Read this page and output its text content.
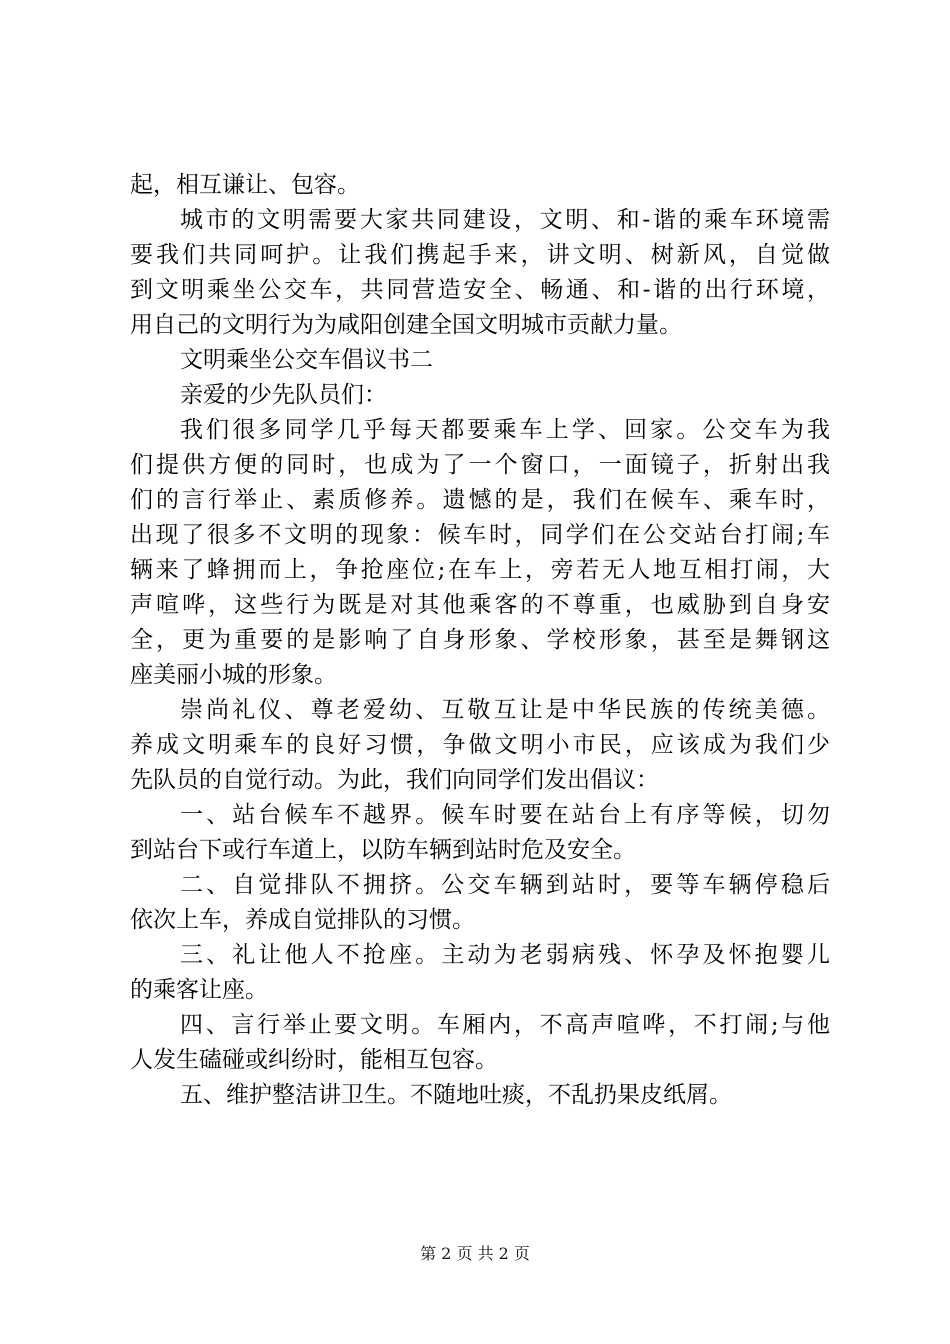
起，相互谦让、包容。
城市的文明需要大家共同建设，文明、和-谐的乘车环境需
要我们共同呵护。让我们携起手来，讲文明、树新风，自觉做
到文明乘坐公交车，共同营造安全、畅通、和-谐的出行环境，
用自己的文明行为为咸阳创建全国文明城市贡献力量。
文明乘坐公交车倡议书二
亲爱的少先队员们：
我们很多同学几乎每天都要乘车上学、回家。公交车为我
们提供方便的同时，也成为了一个窗口，一面镜子，折射出我
们的言行举止、素质修养。遗憾的是，我们在候车、乘车时，
出现了很多不文明的现象：候车时，同学们在公交站台打闹;车
辆来了蜂拥而上，争抢座位;在车上，旁若无人地互相打闹，大
声喧哗，这些行为既是对其他乘客的不尊重，也威胁到自身安
全，更为重要的是影响了自身形象、学校形象，甚至是舞钢这
座美丽小城的形象。
崇尚礼仪、尊老爱幼、互敬互让是中华民族的传统美德。
养成文明乘车的良好习惯，争做文明小市民，应该成为我们少
先队员的自觉行动。为此，我们向同学们发出倡议：
一、站台候车不越界。候车时要在站台上有序等候，切勿
到站台下或行车道上，以防车辆到站时危及安全。
二、自觉排队不拥挤。公交车辆到站时，要等车辆停稳后
依次上车，养成自觉排队的习惯。
三、礼让他人不抢座。主动为老弱病残、怀孕及怀抱婴儿
的乘客让座。
四、言行举止要文明。车厢内，不高声喧哗，不打闹;与他
人发生磕碰或纠纷时，能相互包容。
五、维护整洁讲卫生。不随地吐痰，不乱扔果皮纸屑。
第 2 页 共 2 页
